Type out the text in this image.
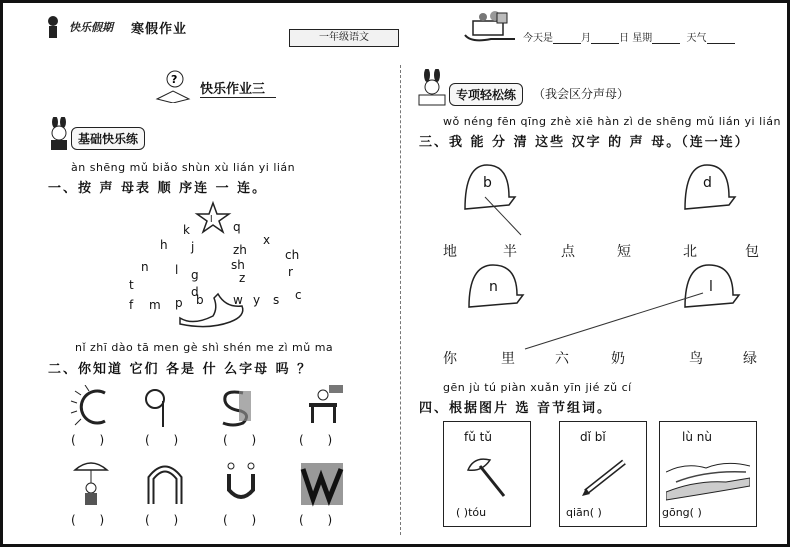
快乐假期 寒假作业
一年级语文	今天是	月	日 星期	天气
?
快乐作业三
基础快乐练
àn shēng mǔ biǎo shùn xù lián yi lián
一、按 声 母表 顺 序连 一 连。
l
k	q
x
h j	zh	ch
n l	sh
g	r
z
t	d	c
f m p b w y s
nǐ zhī dào tā men gè shì shén me zì mǔ ma
二、你知道 它们 各是 什 么字母 吗 ？
( )	( )	( )	( )
( )	( )	( )	( )
专项轻松练	（我会区分声母）
wǒ néng fēn qīng zhè xiē hàn zì de shēng mǔ lián yi lián
三、我 能 分 清 这些 汉字 的 声 母。（连一连）
b	d
n	l
地	半	点	短	北	包
你	里	六	奶	鸟	绿
gēn jù tú piàn xuǎn yīn jié zǔ cí
四、根据图片 选 音节组词。
fǔ tǔ
( )tóu
dǐ bǐ
qiān( )
lù nù
gōng( )
